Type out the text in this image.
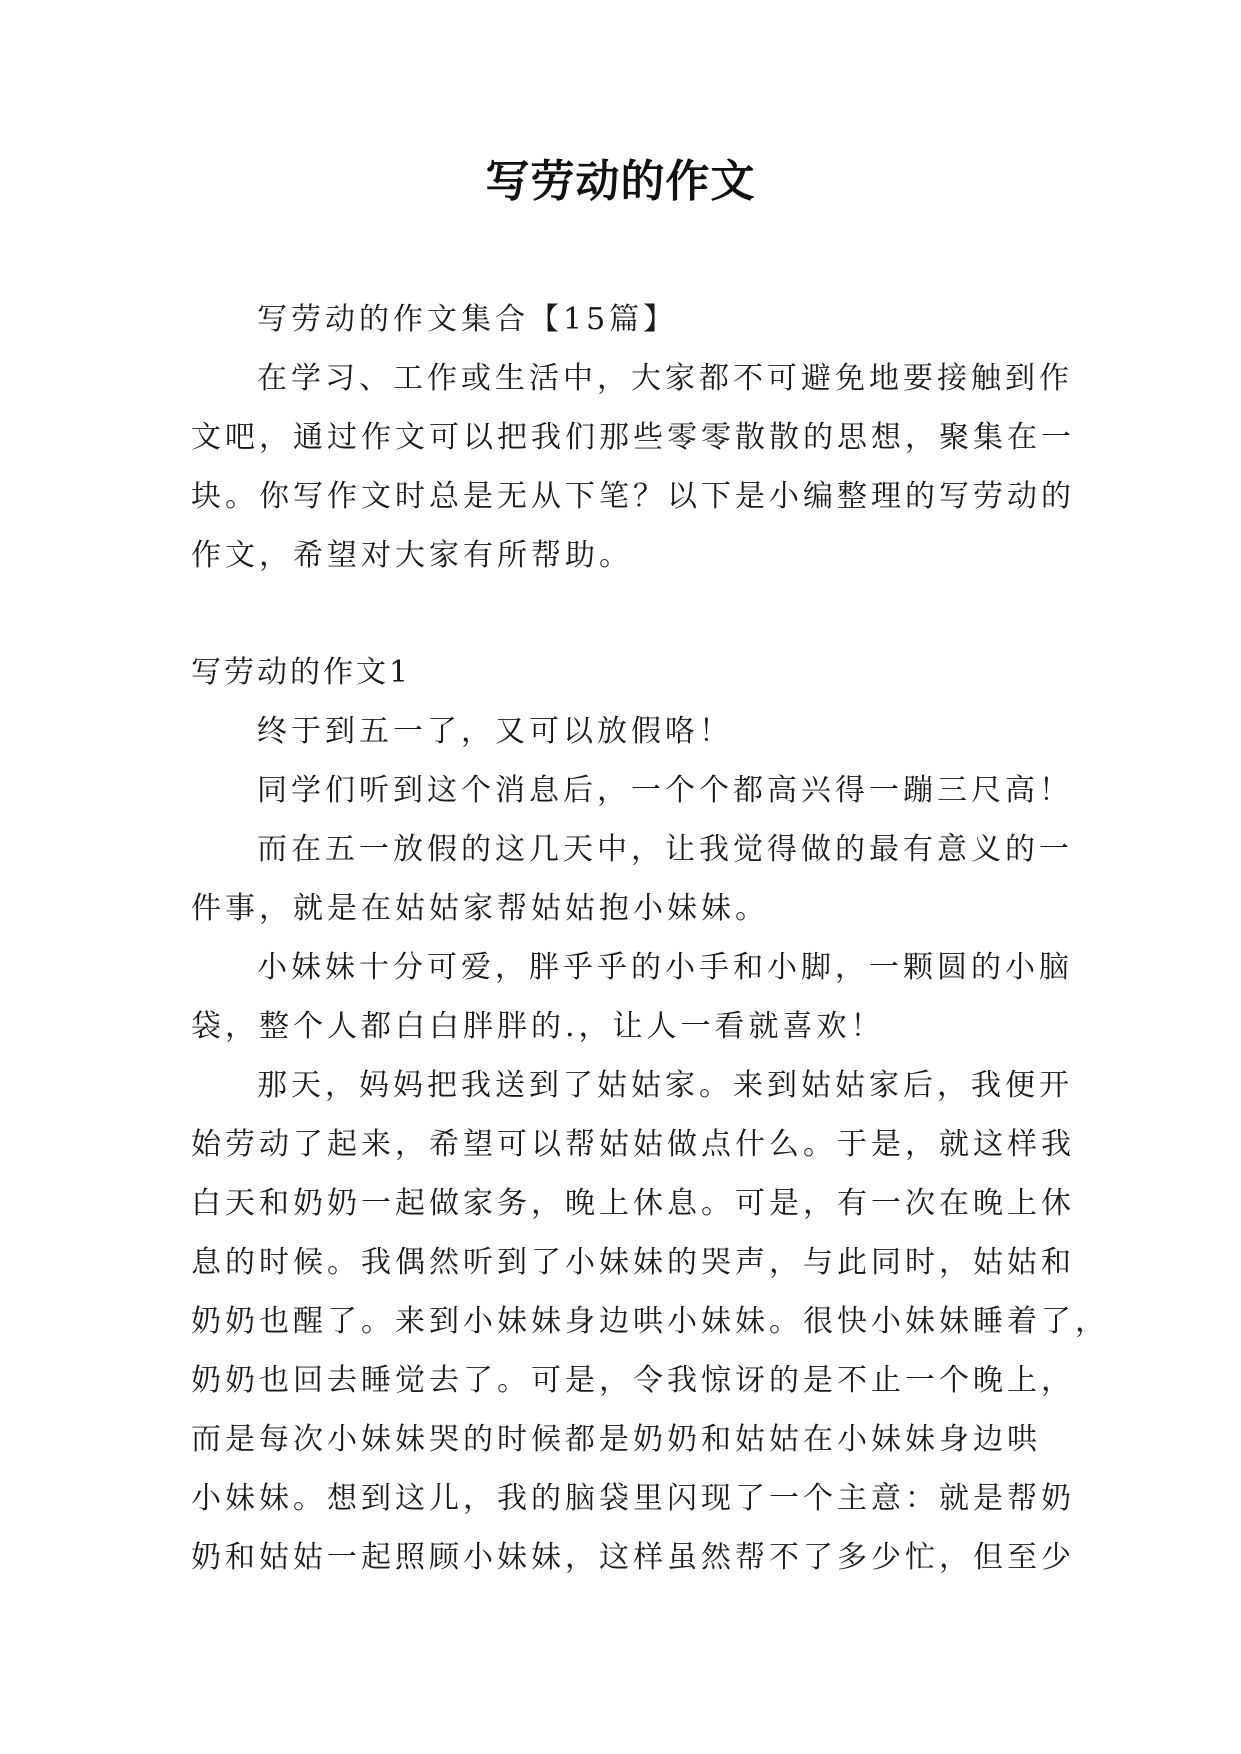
写劳动的作文
写劳动的作文集合【15篇】
在学习、工作或生活中，大家都不可避免地要接触到作
文吧，通过作文可以把我们那些零零散散的思想，聚集在一
块。你写作文时总是无从下笔？以下是小编整理的写劳动的
作文，希望对大家有所帮助。
写劳动的作文1
终于到五一了，又可以放假咯！
同学们听到这个消息后，一个个都高兴得一蹦三尺高！
而在五一放假的这几天中，让我觉得做的最有意义的一
件事，就是在姑姑家帮姑姑抱小妹妹。
小妹妹十分可爱，胖乎乎的小手和小脚，一颗圆的小脑
袋，整个人都白白胖胖的.，让人一看就喜欢！
那天，妈妈把我送到了姑姑家。来到姑姑家后，我便开
始劳动了起来，希望可以帮姑姑做点什么。于是，就这样我
白天和奶奶一起做家务，晚上休息。可是，有一次在晚上休
息的时候。我偶然听到了小妹妹的哭声，与此同时，姑姑和
奶奶也醒了。来到小妹妹身边哄小妹妹。很快小妹妹睡着了，
奶奶也回去睡觉去了。可是，令我惊讶的是不止一个晚上，
而是每次小妹妹哭的时候都是奶奶和姑姑在小妹妹身边哄
小妹妹。想到这儿，我的脑袋里闪现了一个主意：就是帮奶
奶和姑姑一起照顾小妹妹，这样虽然帮不了多少忙，但至少
